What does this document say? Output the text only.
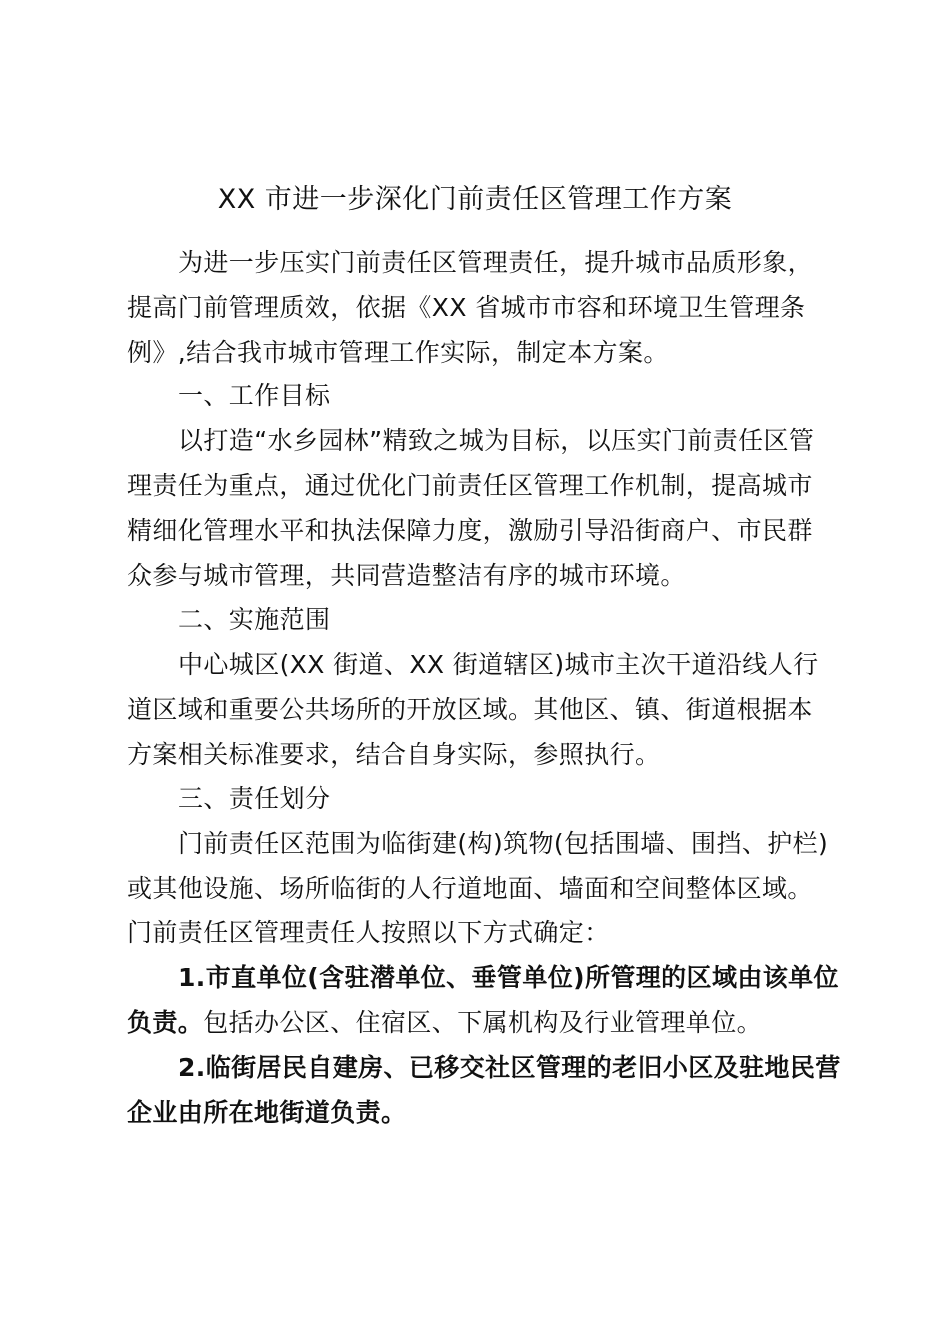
XX 市进一步深化门前责任区管理工作方案
为进一步压实门前责任区管理责任，提升城市品质形象，
提高门前管理质效，依据《XX 省城市市容和环境卫生管理条
例》,结合我市城市管理工作实际，制定本方案。
一、工作目标
以打造“水乡园林”精致之城为目标，以压实门前责任区管
理责任为重点，通过优化门前责任区管理工作机制，提高城市
精细化管理水平和执法保障力度，激励引导沿街商户、市民群
众参与城市管理，共同营造整洁有序的城市环境。
二、实施范围
中心城区(XX 街道、XX 街道辖区)城市主次干道沿线人行
道区域和重要公共场所的开放区域。其他区、镇、街道根据本
方案相关标准要求，结合自身实际，参照执行。
三、责任划分
门前责任区范围为临街建(构)筑物(包括围墙、围挡、护栏)
或其他设施、场所临街的人行道地面、墙面和空间整体区域。
门前责任区管理责任人按照以下方式确定：
1.市直单位(含驻潜单位、垂管单位)所管理的区域由该单位
负责。包括办公区、住宿区、下属机构及行业管理单位。
2.临街居民自建房、已移交社区管理的老旧小区及驻地民营
企业由所在地街道负责。
